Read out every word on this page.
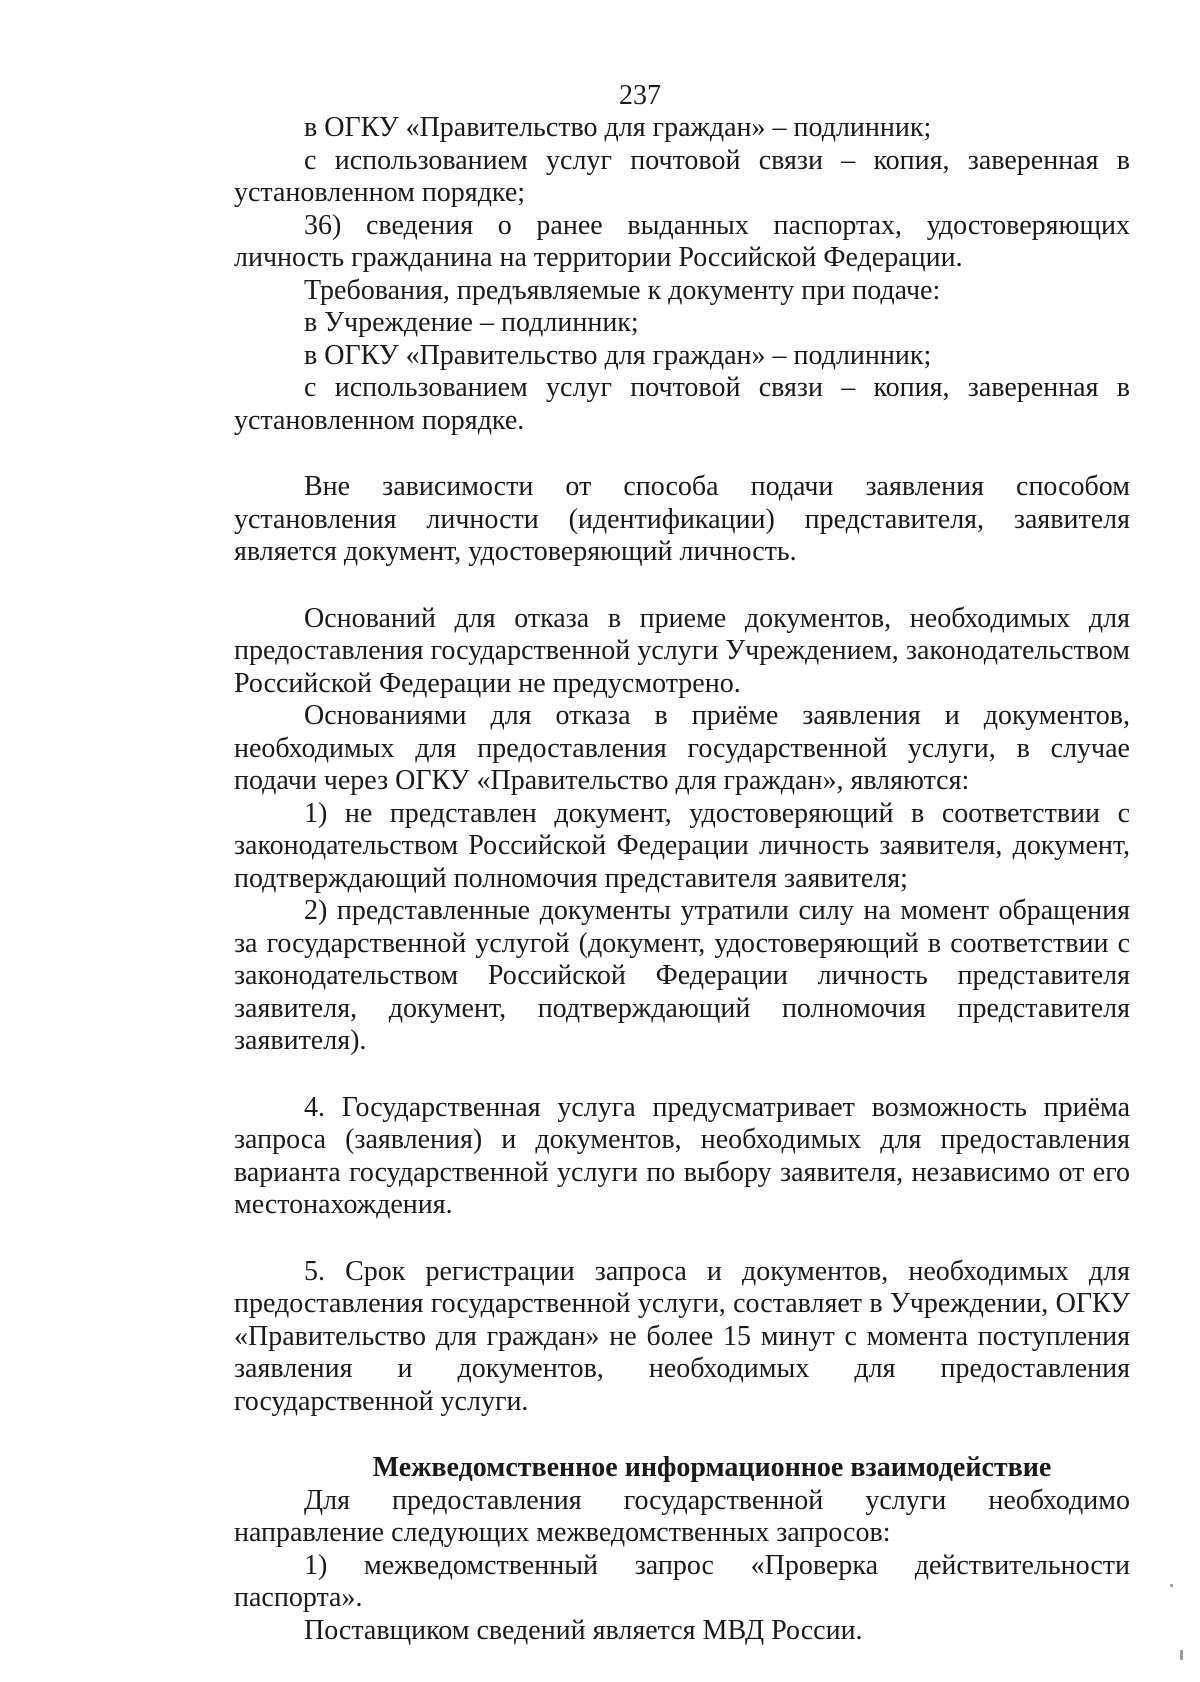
237

в ОГКУ «Правительство для граждан» – подлинник;

с использованием услуг почтовой связи – копия, заверенная в установленном порядке;

36) сведения о ранее выданных паспортах, удостоверяющих личность гражданина на территории Российской Федерации.

Требования, предъявляемые к документу при подаче:

в Учреждение – подлинник;

в ОГКУ «Правительство для граждан» – подлинник;

с использованием услуг почтовой связи – копия, заверенная в установленном порядке.

Вне зависимости от способа подачи заявления способом установления личности (идентификации) представителя, заявителя является документ, удостоверяющий личность.

Оснований для отказа в приеме документов, необходимых для предоставления государственной услуги Учреждением, законодательством Российской Федерации не предусмотрено.

Основаниями для отказа в приёме заявления и документов, необходимых для предоставления государственной услуги, в случае подачи через ОГКУ «Правительство для граждан», являются:

1) не представлен документ, удостоверяющий в соответствии с законодательством Российской Федерации личность заявителя, документ, подтверждающий полномочия представителя заявителя;

2) представленные документы утратили силу на момент обращения за государственной услугой (документ, удостоверяющий в соответствии с законодательством Российской Федерации личность представителя заявителя, документ, подтверждающий полномочия представителя заявителя).

4. Государственная услуга предусматривает возможность приёма запроса (заявления) и документов, необходимых для предоставления варианта государственной услуги по выбору заявителя, независимо от его местонахождения.

5. Срок регистрации запроса и документов, необходимых для предоставления государственной услуги, составляет в Учреждении, ОГКУ «Правительство для граждан» не более 15 минут с момента поступления заявления и документов, необходимых для предоставления государственной услуги.

Межведомственное информационное взаимодействие

Для предоставления государственной услуги необходимо направление следующих межведомственных запросов:

1) межведомственный запрос «Проверка действительности паспорта».

Поставщиком сведений является МВД России.
